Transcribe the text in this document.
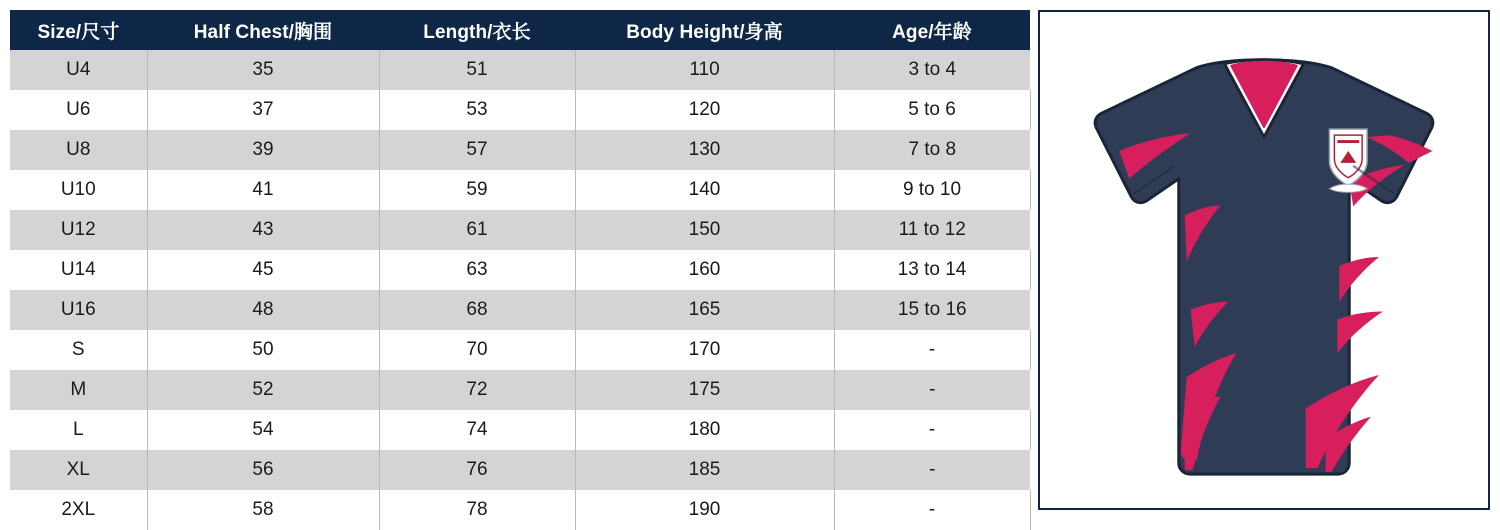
Size/尺寸	Half Chest/胸围	Length/衣长	Body Height/身高	Age/年龄
U4	35	51	110	3 to 4
U6	37	53	120	5 to 6
U8	39	57	130	7 to 8
U10	41	59	140	9 to 10
U12	43	61	150	11 to 12
U14	45	63	160	13 to 14
U16	48	68	165	15 to 16
S	50	70	170	-
M	52	72	175	-
L	54	74	180	-
XL	56	76	185	-
2XL	58	78	190	-
